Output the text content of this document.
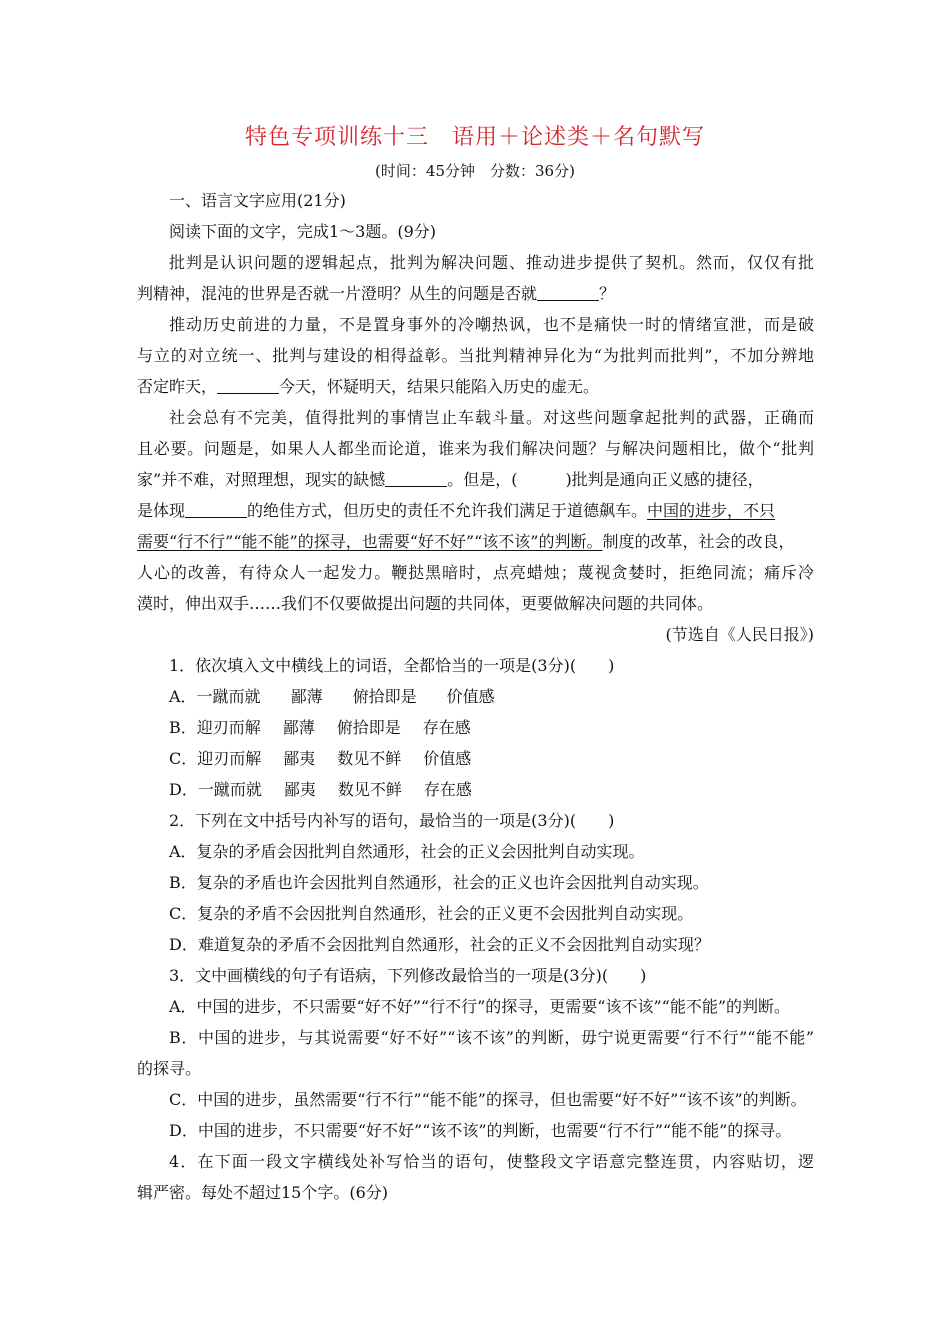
特色专项训练十三　语用＋论述类＋名句默写
(时间：45分钟　分数：36分)
一、语言文字应用(21分)
阅读下面的文字，完成1～3题。(9分)
批判是认识问题的逻辑起点，批判为解决问题、推动进步提供了契机。然而，仅仅有批
判精神，混沌的世界是否就一片澄明？从生的问题是否就	？
推动历史前进的力量，不是置身事外的冷嘲热讽，也不是痛快一时的情绪宣泄，而是破
与立的对立统一、批判与建设的相得益彰。当批判精神异化为“为批判而批判”，不加分辨地
否定昨天，	今天，怀疑明天，结果只能陷入历史的虚无。
社会总有不完美，值得批判的事情岂止车载斗量。对这些问题拿起批判的武器，正确而
且必要。问题是，如果人人都坐而论道，谁来为我们解决问题？与解决问题相比，做个“批判
家”并不难，对照理想，现实的缺憾	。但是，(	)批判是通向正义感的捷径，
是体现	的绝佳方式，但历史的责任不允许我们满足于道德飙车。中国的进步，不只
需要“行不行”“能不能”的探寻，也需要“好不好”“该不该”的判断。制度的改革，社会的改良，
人心的改善，有待众人一起发力。鞭挞黑暗时，点亮蜡烛；蔑视贪婪时，拒绝同流；痛斥冷
漠时，伸出双手……我们不仅要做提出问题的共同体，更要做解决问题的共同体。
(节选自《人民日报》)
1．依次填入文中横线上的词语，全都恰当的一项是(3分)(　　)
A．一蹴而就 鄙薄 俯拾即是 价值感
B．迎刃而解 鄙薄 俯拾即是 存在感
C．迎刃而解 鄙夷 数见不鲜 价值感
D．一蹴而就 鄙夷 数见不鲜 存在感
2．下列在文中括号内补写的语句，最恰当的一项是(3分)(　　)
A．复杂的矛盾会因批判自然通形，社会的正义会因批判自动实现。
B．复杂的矛盾也许会因批判自然通形，社会的正义也许会因批判自动实现。
C．复杂的矛盾不会因批判自然通形，社会的正义更不会因批判自动实现。
D．难道复杂的矛盾不会因批判自然通形，社会的正义不会因批判自动实现？
3．文中画横线的句子有语病，下列修改最恰当的一项是(3分)(　　)
A．中国的进步，不只需要“好不好”“行不行”的探寻，更需要“该不该”“能不能”的判断。
B．中国的进步，与其说需要“好不好”“该不该”的判断，毋宁说更需要“行不行”“能不能”
的探寻。
C．中国的进步，虽然需要“行不行”“能不能”的探寻，但也需要“好不好”“该不该”的判断。
D．中国的进步，不只需要“好不好”“该不该”的判断，也需要“行不行”“能不能”的探寻。
4．在下面一段文字横线处补写恰当的语句，使整段文字语意完整连贯，内容贴切，逻
辑严密。每处不超过15个字。(6分)
